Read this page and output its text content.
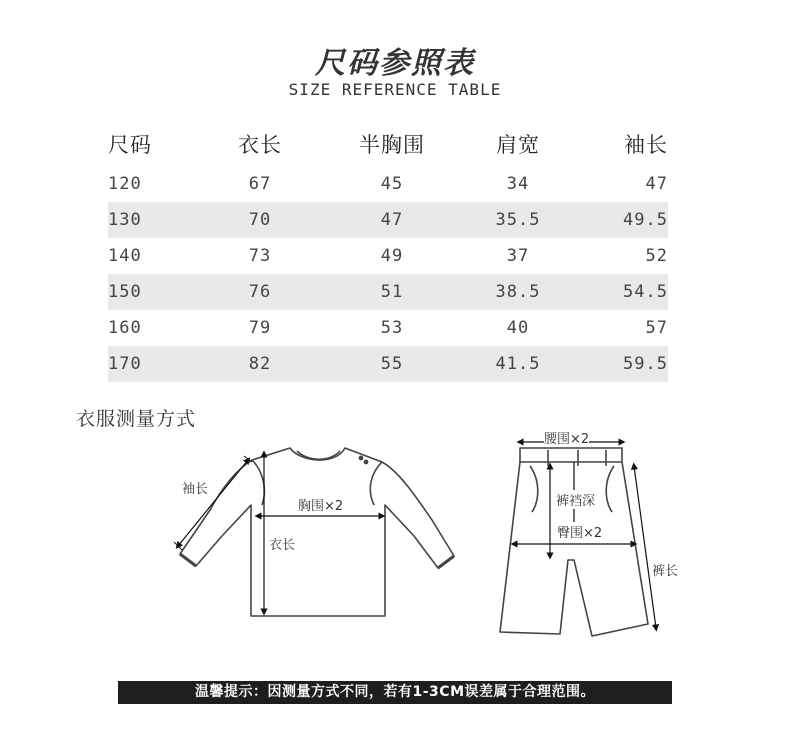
尺码参照表
SIZE REFERENCE TABLE
尺码	衣长	半胸围	肩宽	袖长
120	67	45	34	47
130	70	47	35.5	49.5
140	73	49	37	52
150	76	51	38.5	54.5
160	79	53	40	57
170	82	55	41.5	59.5
衣服测量方式
袖长
胸围×2
衣长
腰围×2
裤裆深
臀围×2
裤长
温馨提示：因测量方式不同，若有1-3CM误差属于合理范围。
